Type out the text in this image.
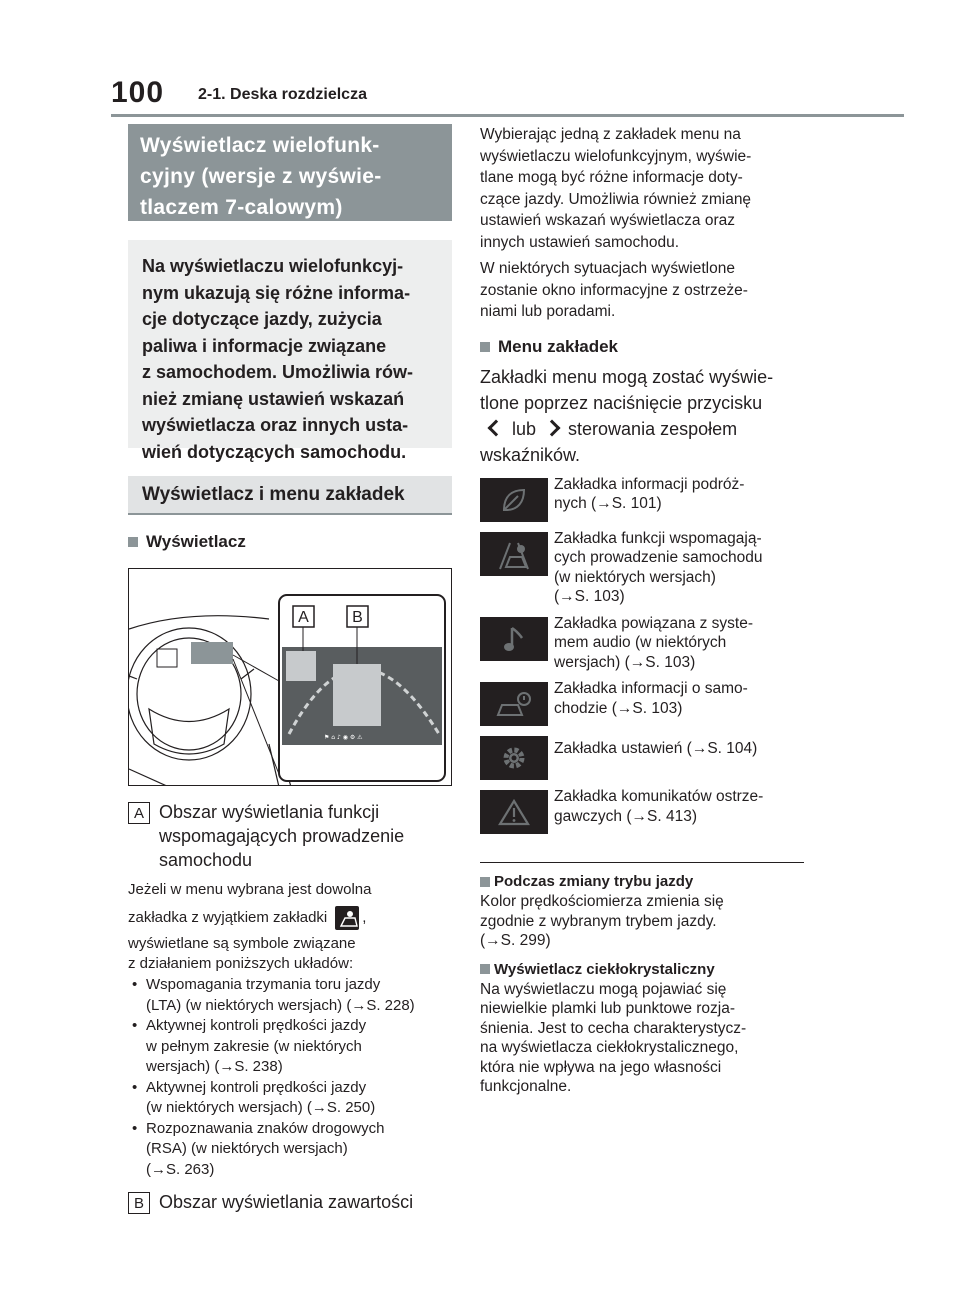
100 2-1. Deska rozdzielcza
Wyświetlacz wielofunk-
cyjny (wersje z wyświe-
tlaczem 7-calowym)
Na wyświetlaczu wielofunkcyj-
nym ukazują się różne informa-
cje dotyczące jazdy, zużycia
paliwa i informacje związane
z samochodem. Umożliwia rów-
nież zmianę ustawień wskazań
wyświetlacza oraz innych usta-
wień dotyczących samochodu.
Wyświetlacz i menu zakładek
Wyświetlacz
⚑ ⌂ ♪ ◉ ⚙ ⚠
A	B
A Obszar wyświetlania funkcji
wspomagających prowadzenie
samochodu
Jeżeli w menu wybrana jest dowolna
zakładka z wyjątkiem zakładki ,
wyświetlane są symbole związane
z działaniem poniższych układów:
• Wspomagania trzymania toru jazdy
(LTA) (w niektórych wersjach) (→S. 228)
• Aktywnej kontroli prędkości jazdy
w pełnym zakresie (w niektórych
wersjach) (→S. 238)
• Aktywnej kontroli prędkości jazdy
(w niektórych wersjach) (→S. 250)
• Rozpoznawania znaków drogowych
(RSA) (w niektórych wersjach)
(→S. 263)
B Obszar wyświetlania zawartości
Wybierając jedną z zakładek menu na
wyświetlaczu wielofunkcyjnym, wyświe-
tlane mogą być różne informacje doty-
czące jazdy. Umożliwia również zmianę
ustawień wskazań wyświetlacza oraz
innych ustawień samochodu.
W niektórych sytuacjach wyświetlone
zostanie okno informacyjne z ostrzeże-
niami lub poradami.
Menu zakładek
Zakładki menu mogą zostać wyświe-
tlone poprzez naciśnięcie przycisku
lub sterowania zespołem
wskaźników.
Zakładka informacji podróż-
nych (→S. 101)
Zakładka funkcji wspomagają-
cych prowadzenie samochodu
(w niektórych wersjach)
(→S. 103)
Zakładka powiązana z syste-
mem audio (w niektórych
wersjach) (→S. 103)
Zakładka informacji o samo-
chodzie (→S. 103)
Zakładka ustawień (→S. 104)
Zakładka komunikatów ostrze-
gawczych (→S. 413)
Podczas zmiany trybu jazdy
Kolor prędkościomierza zmienia się
zgodnie z wybranym trybem jazdy.
(→S. 299)
Wyświetlacz ciekłokrystaliczny
Na wyświetlaczu mogą pojawiać się
niewielkie plamki lub punktowe rozja-
śnienia. Jest to cecha charakterystycz-
na wyświetlacza ciekłokrystalicznego,
która nie wpływa na jego własności
funkcjonalne.
